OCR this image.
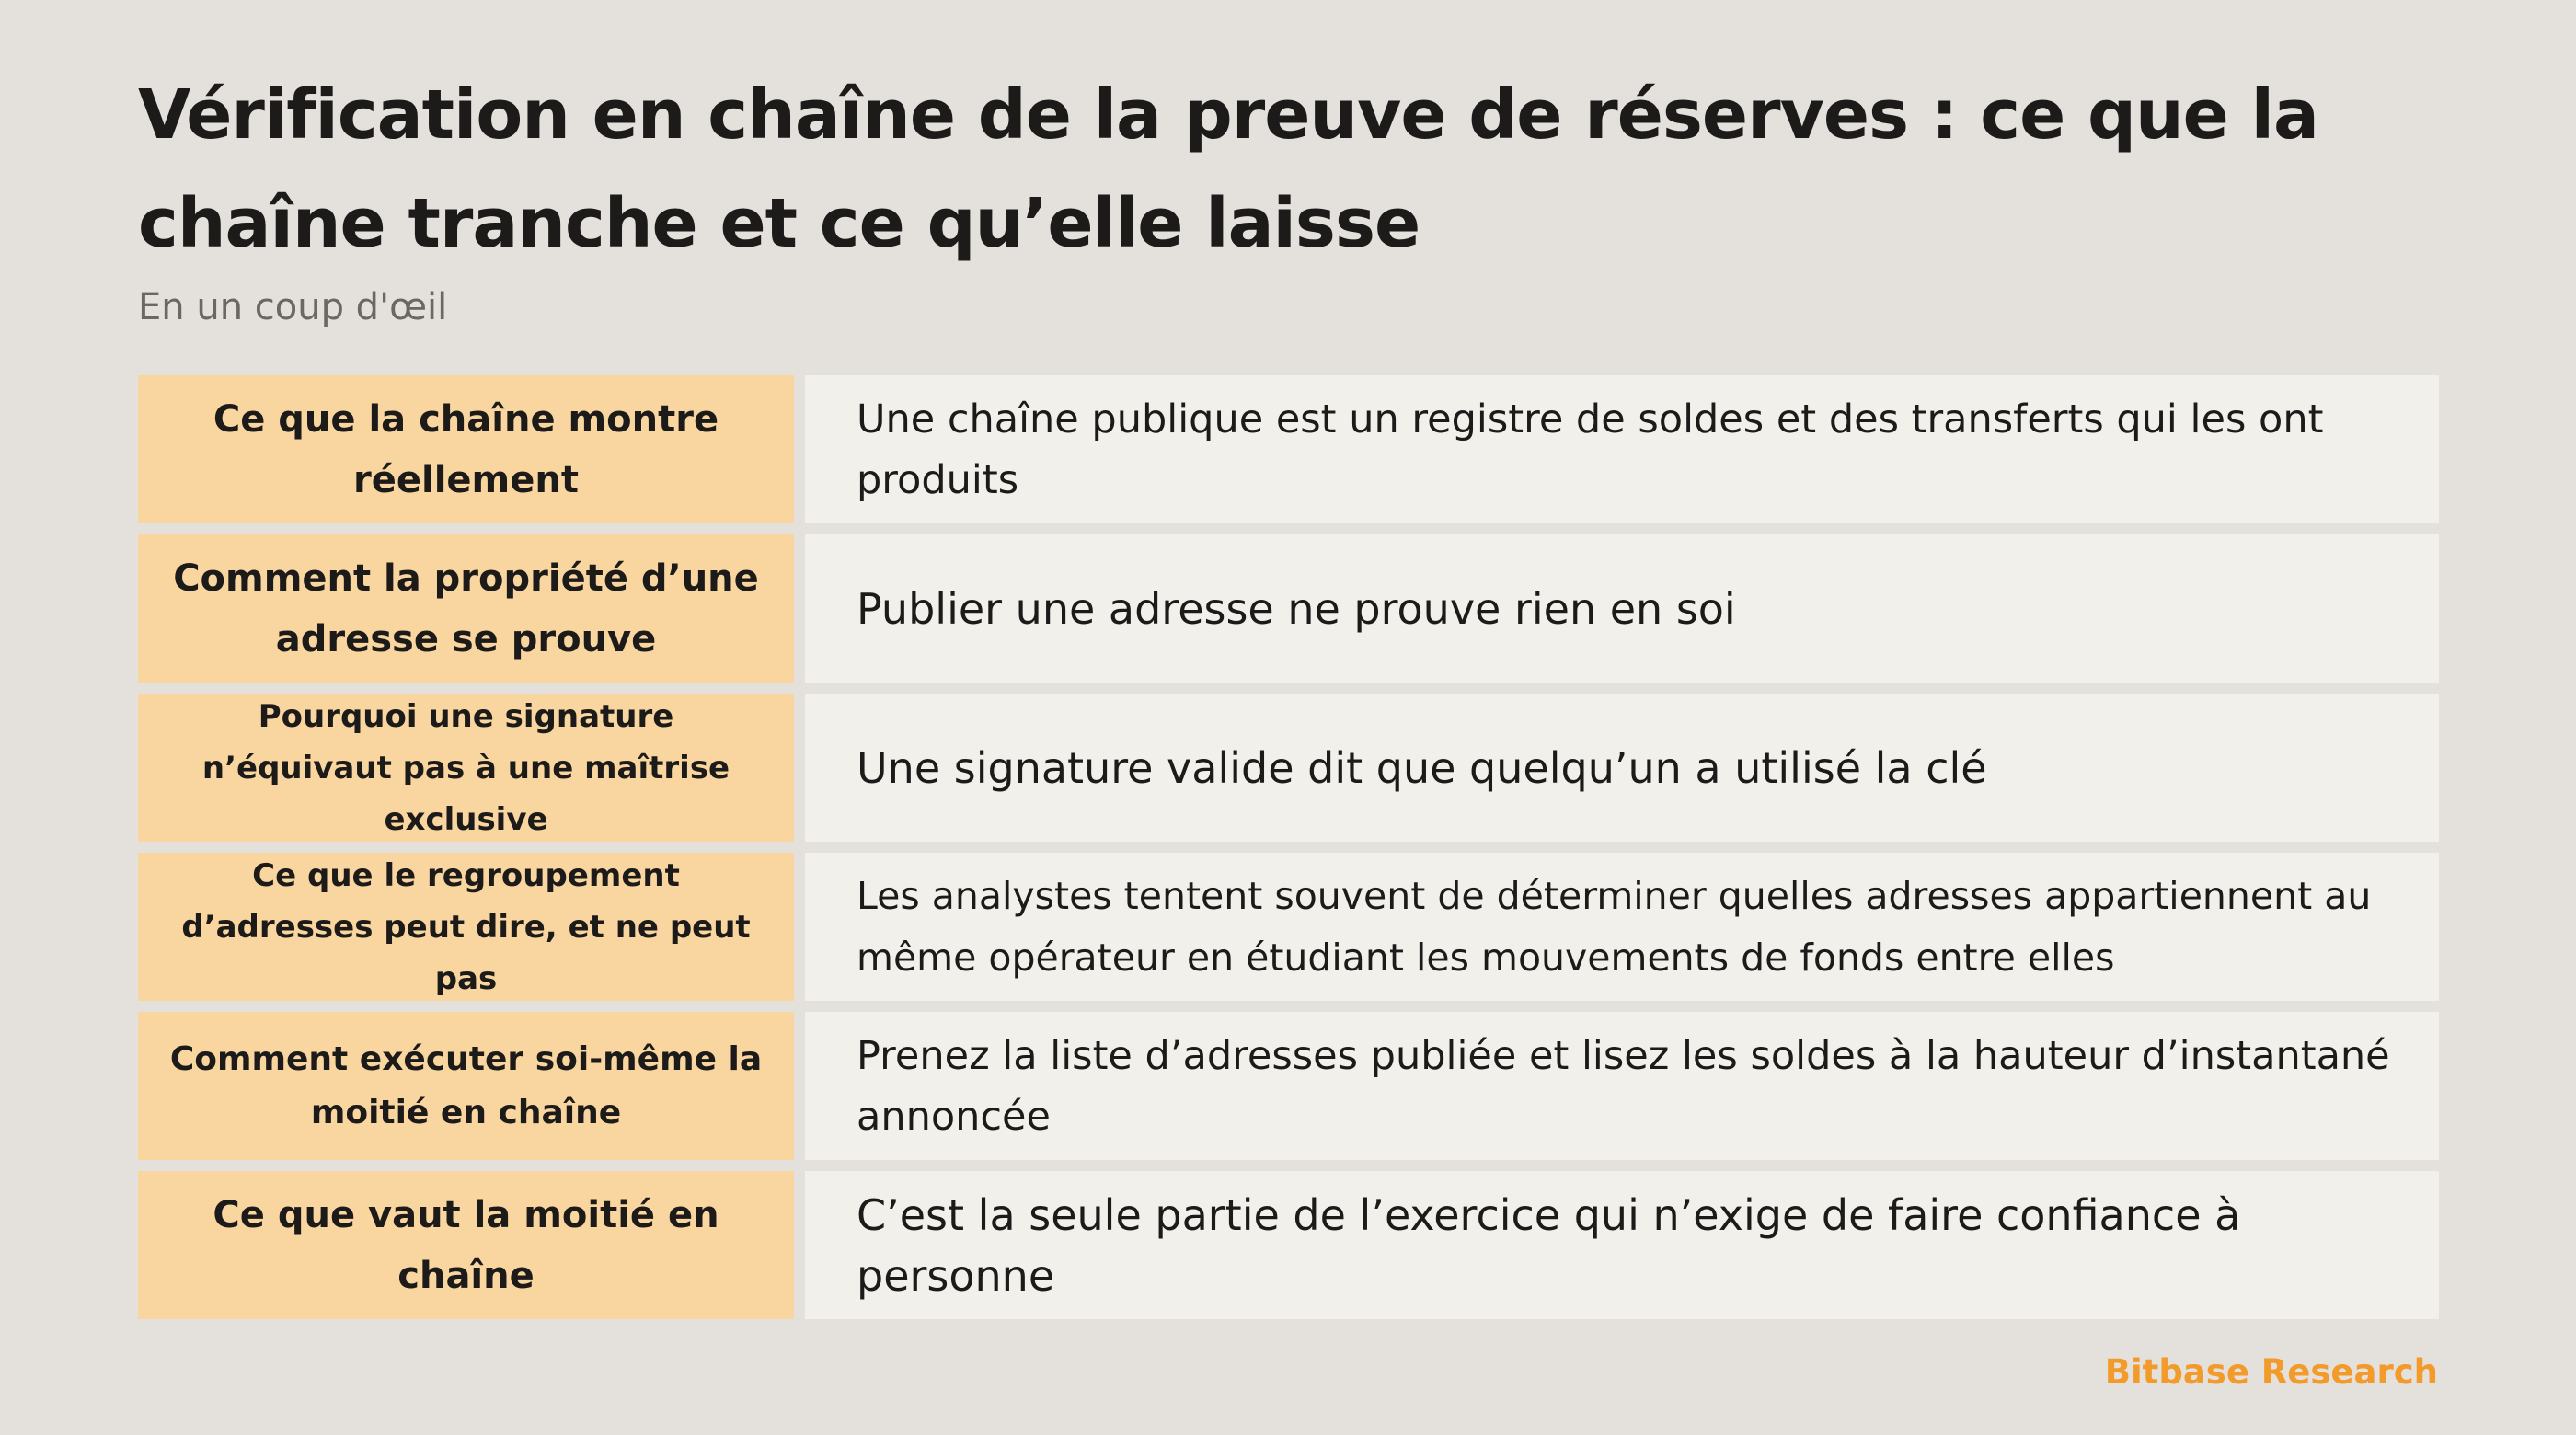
Vérification en chaîne de la preuve de réserves : ce que la chaîne tranche et ce qu’elle laisse

En un coup d'œil

Ce que la chaîne montre réellement
Une chaîne publique est un registre de soldes et des transferts qui les ont produits
Comment la propriété d’une adresse se prouve
Publier une adresse ne prouve rien en soi
Pourquoi une signature n’équivaut pas à une maîtrise exclusive
Une signature valide dit que quelqu’un a utilisé la clé
Ce que le regroupement d’adresses peut dire, et ne peut pas
Les analystes tentent souvent de déterminer quelles adresses appartiennent au même opérateur en étudiant les mouvements de fonds entre elles
Comment exécuter soi-même la moitié en chaîne
Prenez la liste d’adresses publiée et lisez les soldes à la hauteur d’instantané annoncée
Ce que vaut la moitié en chaîne
C’est la seule partie de l’exercice qui n’exige de faire confiance à personne

Bitbase Research
